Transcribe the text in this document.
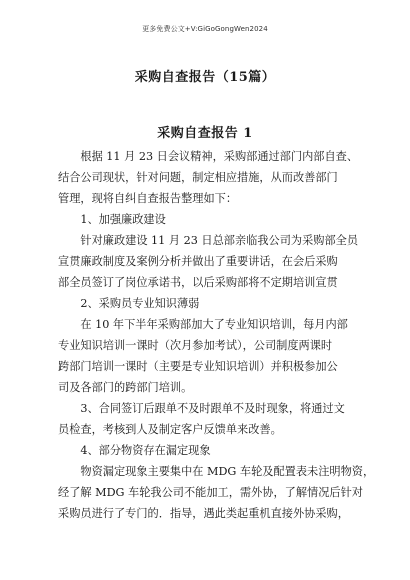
更多免费公文+V:GiGoGongWen2024
采购自查报告（15篇）
采购自查报告 1
　　根据 11 月 23 日会议精神，采购部通过部门内部自查、
结合公司现状，针对问题，制定相应措施，从而改善部门
管理，现将自纠自查报告整理如下：
　　1、加强廉政建设
　　针对廉政建设 11 月 23 日总部亲临我公司为采购部全员
宣贯廉政制度及案例分析并做出了重要讲话，在会后采购
部全员签订了岗位承诺书，以后采购部将不定期培训宣贯
　　2、采购员专业知识薄弱
　　在 10 年下半年采购部加大了专业知识培训，每月内部
专业知识培训一课时（次月参加考试），公司制度两课时
跨部门培训一课时（主要是专业知识培训）并积极参加公
司及各部门的跨部门培训。
　　3、合同签订后跟单不及时跟单不及时现象，将通过文
员检查，考核到人及制定客户反馈单来改善。
　　4、部分物资存在漏定现象
　　物资漏定现象主要集中在 MDG 车轮及配置表未注明物资，
经了解 MDG 车轮我公司不能加工，需外协，了解情况后针对
采购员进行了专门的．指导，遇此类起重机直接外协采购，
